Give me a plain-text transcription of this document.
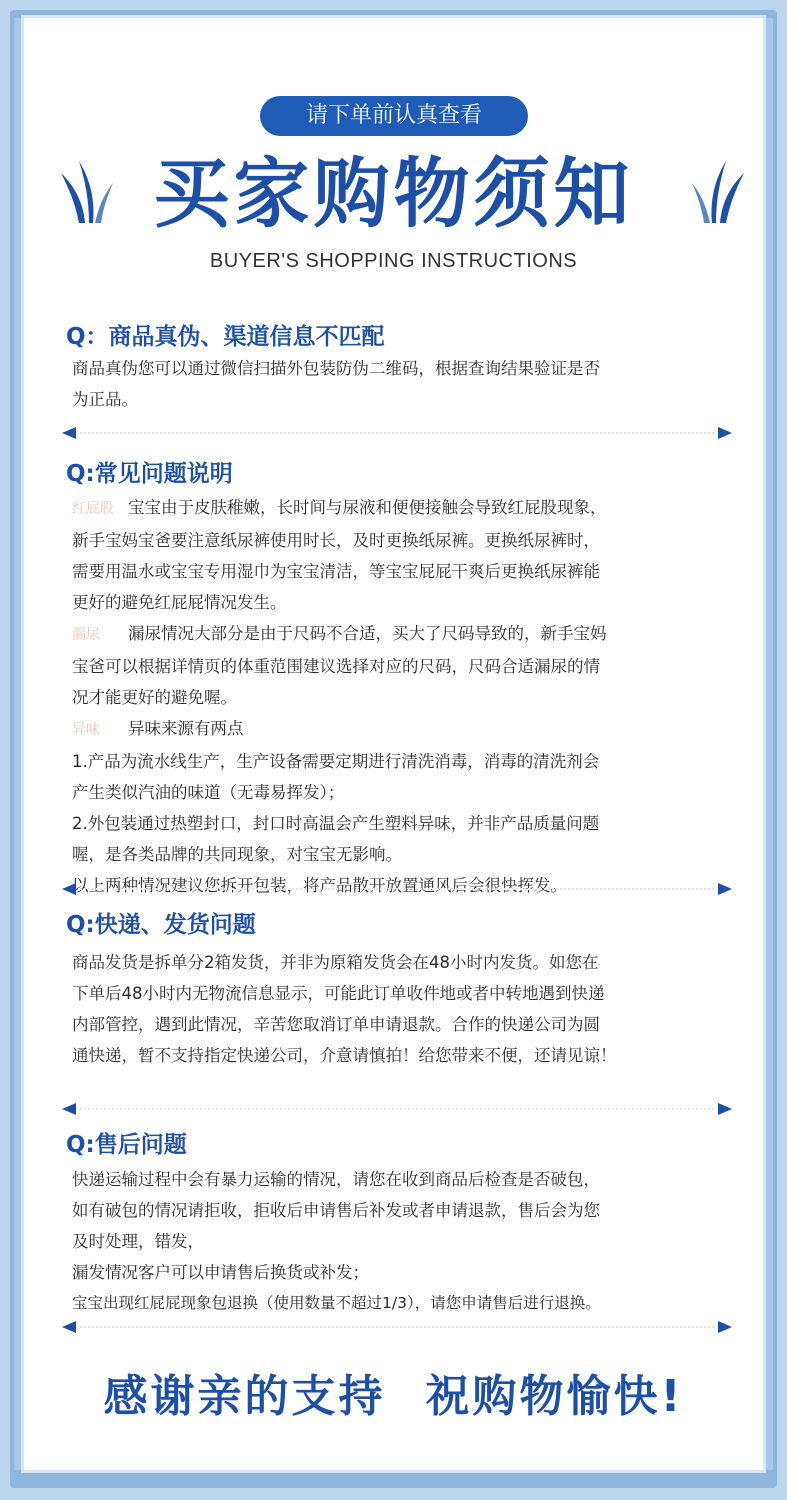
请下单前认真查看
买家购物须知
BUYER'S SHOPPING INSTRUCTIONS
Q：商品真伪、渠道信息不匹配

商品真伪您可以通过微信扫描外包装防伪二维码，根据查询结果验证是否

为正品。

Q:常见问题说明

红屁股 宝宝由于皮肤稚嫩，长时间与尿液和便便接触会导致红屁股现象，

新手宝妈宝爸要注意纸尿裤使用时长，及时更换纸尿裤。更换纸尿裤时，

需要用温水或宝宝专用湿巾为宝宝清洁，等宝宝屁屁干爽后更换纸尿裤能

更好的避免红屁屁情况发生。

漏尿 漏尿情况大部分是由于尺码不合适，买大了尺码导致的，新手宝妈

宝爸可以根据详情页的体重范围建议选择对应的尺码，尺码合适漏尿的情

况才能更好的避免喔。

异味 异味来源有两点

1.产品为流水线生产，生产设备需要定期进行清洗消毒，消毒的清洗剂会

产生类似汽油的味道（无毒易挥发）；

2.外包装通过热塑封口，封口时高温会产生塑料异味，并非产品质量问题

喔，是各类品牌的共同现象，对宝宝无影响。

以上两种情况建议您拆开包装，将产品散开放置通风后会很快挥发。

Q:快递、发货问题

商品发货是拆单分2箱发货，并非为原箱发货会在48小时内发货。如您在

下单后48小时内无物流信息显示，可能此订单收件地或者中转地遇到快递

内部管控，遇到此情况，辛苦您取消订单申请退款。合作的快递公司为圆

通快递，暂不支持指定快递公司，介意请慎拍！给您带来不便，还请见谅！

Q:售后问题

快递运输过程中会有暴力运输的情况，请您在收到商品后检查是否破包，

如有破包的情况请拒收，拒收后申请售后补发或者申请退款，售后会为您

及时处理，错发，

漏发情况客户可以申请售后换货或补发；

宝宝出现红屁屁现象包退换（使用数量不超过1/3），请您申请售后进行退换。

感谢亲的支持 祝购物愉快!
